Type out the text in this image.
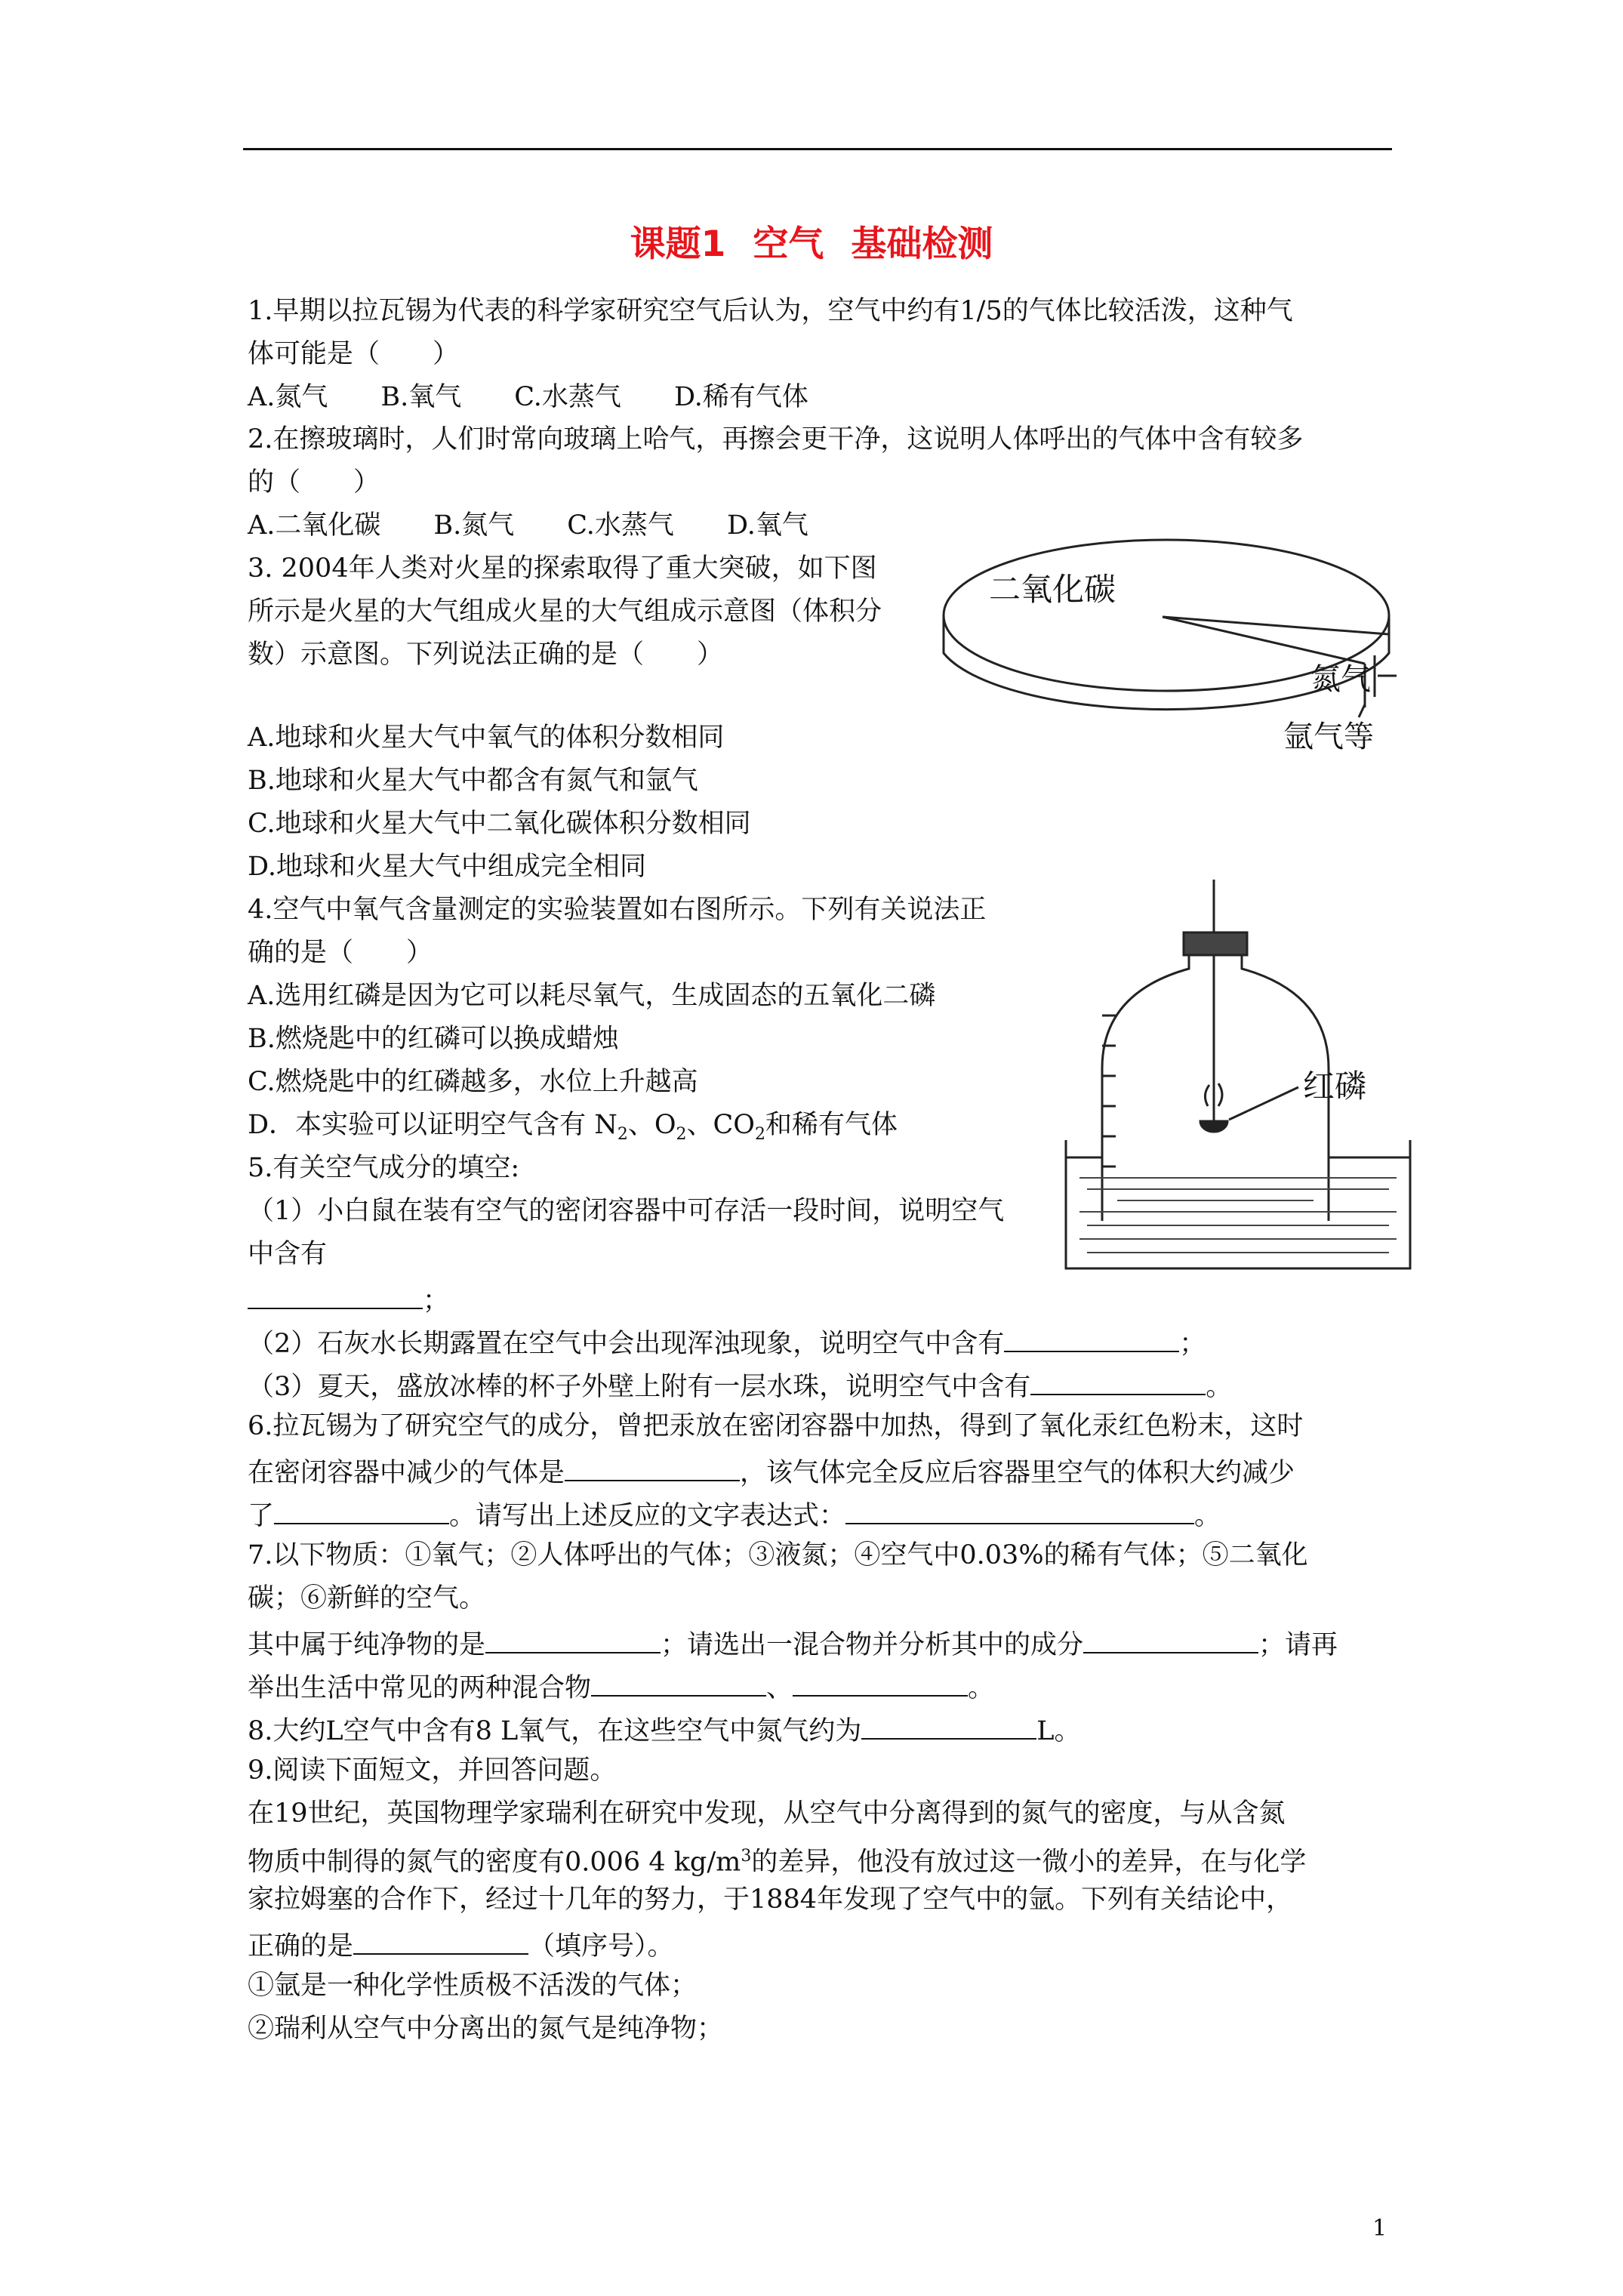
课题1 空气 基础检测
1.早期以拉瓦锡为代表的科学家研究空气后认为，空气中约有1/5的气体比较活泼，这种气
体可能是（　　）
A.氮气 B.氧气 C.水蒸气 D.稀有气体
2.在擦玻璃时，人们时常向玻璃上哈气，再擦会更干净，这说明人体呼出的气体中含有较多
的（　　）
A.二氧化碳 B.氮气 C.水蒸气 D.氧气
3. 2004年人类对火星的探索取得了重大突破，如下图
所示是火星的大气组成火星的大气组成示意图（体积分
数）示意图。下列说法正确的是（　　）
A.地球和火星大气中氧气的体积分数相同
B.地球和火星大气中都含有氮气和氩气
C.地球和火星大气中二氧化碳体积分数相同
D.地球和火星大气中组成完全相同
二氧化碳
氮气
氩气等
4.空气中氧气含量测定的实验装置如右图所示。下列有关说法正
确的是（　　）
A.选用红磷是因为它可以耗尽氧气，生成固态的五氧化二磷
B.燃烧匙中的红磷可以换成蜡烛
C.燃烧匙中的红磷越多，水位上升越高
D．本实验可以证明空气含有 $N_2$、$O_2$、$CO_2$和稀有气体
红磷
5.有关空气成分的填空:
（1）小白鼠在装有空气的密闭容器中可存活一段时间，说明空气
中含有
；
（2）石灰水长期露置在空气中会出现浑浊现象，说明空气中含有	；
（3）夏天，盛放冰棒的杯子外壁上附有一层水珠，说明空气中含有	。
6.拉瓦锡为了研究空气的成分，曾把汞放在密闭容器中加热，得到了氧化汞红色粉末，这时
在密闭容器中减少的气体是	，该气体完全反应后容器里空气的体积大约减少
了	。请写出上述反应的文字表达式：	。
7.以下物质：①氧气；②人体呼出的气体；③液氮；④空气中0.03%的稀有气体；⑤二氧化
碳；⑥新鲜的空气。
其中属于纯净物的是	；请选出一混合物并分析其中的成分	；请再
举出生活中常见的两种混合物	、	。
8.大约L空气中含有8 L氧气，在这些空气中氮气约为	L。
9.阅读下面短文，并回答问题。
在19世纪，英国物理学家瑞利在研究中发现，从空气中分离得到的氮气的密度，与从含氮
物质中制得的氮气的密度有0.006 4 $kg/m^3$的差异，他没有放过这一微小的差异，在与化学
家拉姆塞的合作下，经过十几年的努力，于1884年发现了空气中的氩。下列有关结论中，
正确的是	（填序号）。
①氩是一种化学性质极不活泼的气体；
②瑞利从空气中分离出的氮气是纯净物；
1
